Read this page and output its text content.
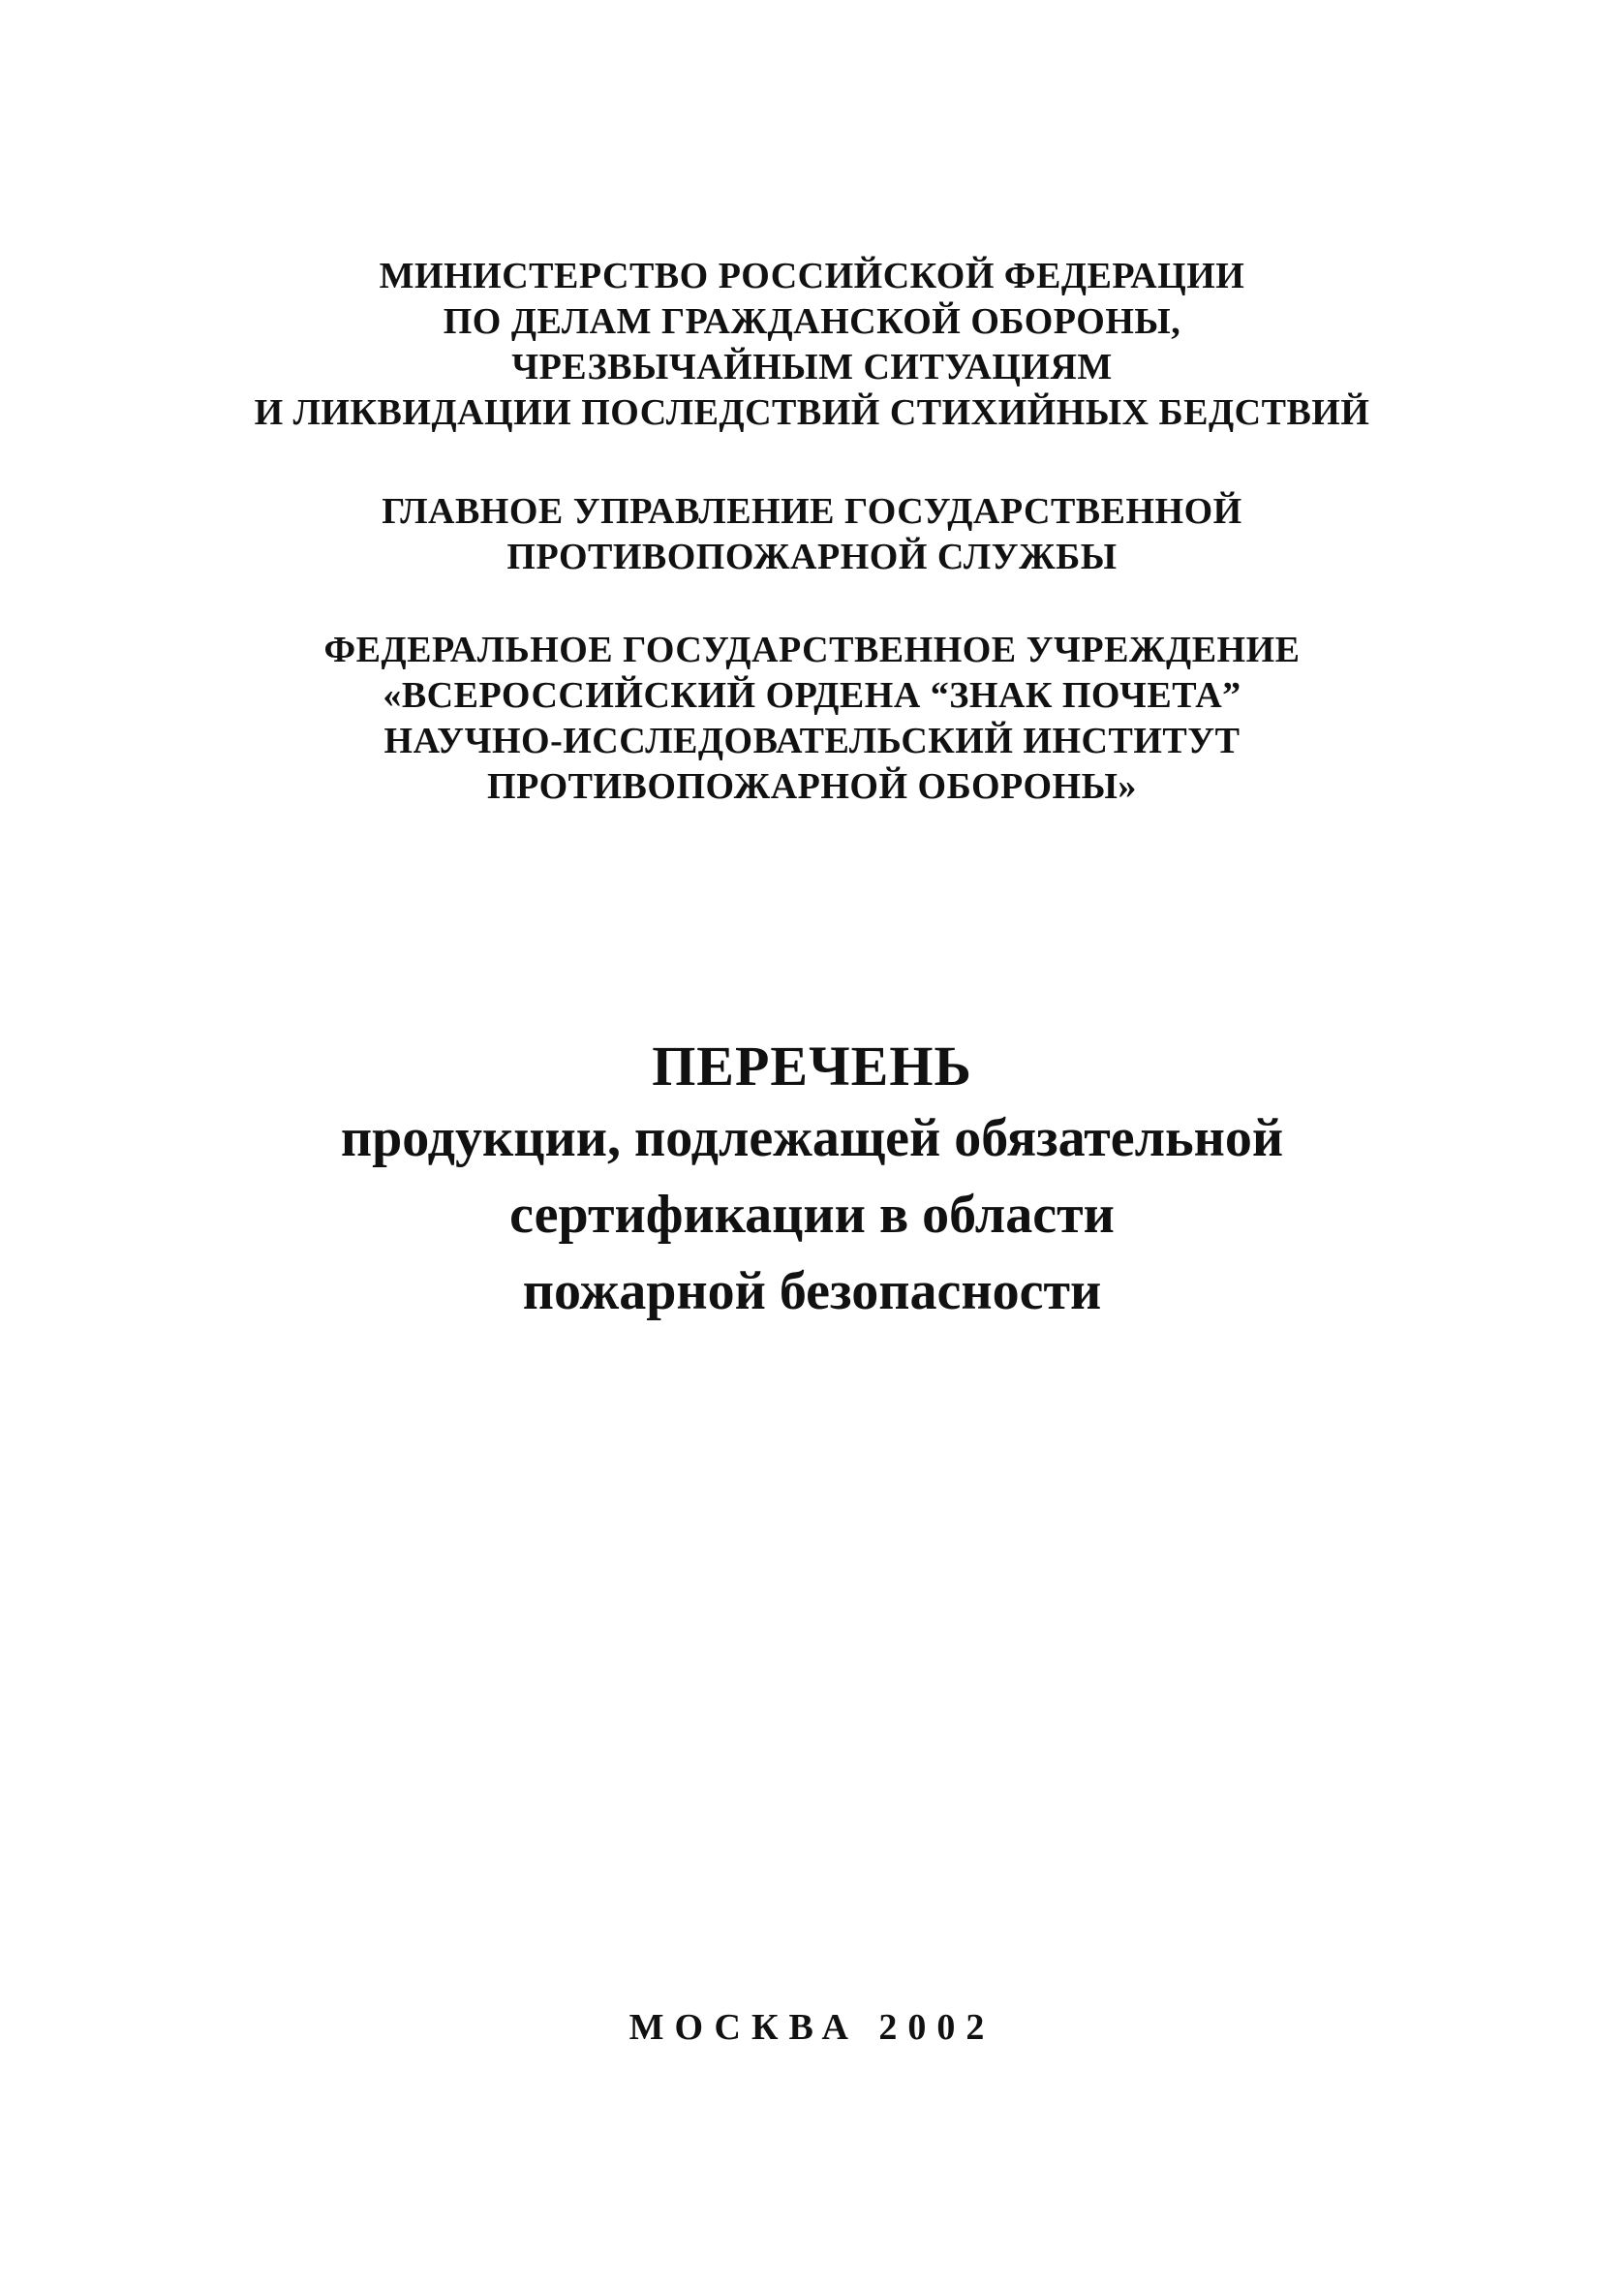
МИНИСТЕРСТВО РОССИЙСКОЙ ФЕДЕРАЦИИ
ПО ДЕЛАМ ГРАЖДАНСКОЙ ОБОРОНЫ,
ЧРЕЗВЫЧАЙНЫМ СИТУАЦИЯМ
И ЛИКВИДАЦИИ ПОСЛЕДСТВИЙ СТИХИЙНЫХ БЕДСТВИЙ
ГЛАВНОЕ УПРАВЛЕНИЕ ГОСУДАРСТВЕННОЙ
ПРОТИВОПОЖАРНОЙ СЛУЖБЫ
ФЕДЕРАЛЬНОЕ ГОСУДАРСТВЕННОЕ УЧРЕЖДЕНИЕ
«ВСЕРОССИЙСКИЙ ОРДЕНА “ЗНАК ПОЧЕТА”
НАУЧНО-ИССЛЕДОВАТЕЛЬСКИЙ ИНСТИТУТ
ПРОТИВОПОЖАРНОЙ ОБОРОНЫ»
ПЕРЕЧЕНЬ
продукции, подлежащей обязательной
сертификации в области
пожарной безопасности
МОСКВА 2002
